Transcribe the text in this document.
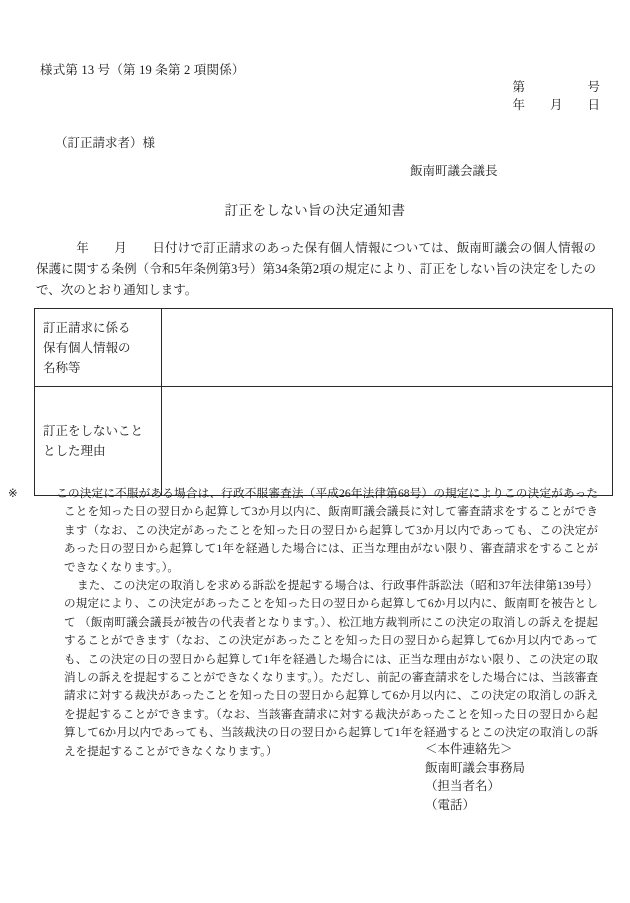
様式第 13 号（第 19 条第 2 項関係）
第　　　　　号
年　　月　　日
（訂正請求者）様
飯南町議会議長
訂正をしない旨の決定通知書
年　　月　　日付けで訂正請求のあった保有個人情報については、飯南町議会の個人情報の保護に関する条例（令和5年条例第3号）第34条第2項の規定により、訂正をしない旨の決定をしたので、次のとおり通知します。
訂正請求に係る
保有個人情報の
名称等	
訂正をしないこと
とした理由	
※	この決定に不服がある場合は、行政不服審査法（平成26年法律第68号）の規定によりこの決定があったことを知った日の翌日から起算して3か月以内に、飯南町議会議長に対して審査請求をすることができます（なお、この決定があったことを知った日の翌日から起算して3か月以内であっても、この決定があった日の翌日から起算して1年を経過した場合には、正当な理由がない限り、審査請求をすることができなくなります。）。
また、この決定の取消しを求める訴訟を提起する場合は、行政事件訴訟法（昭和37年法律第139号）の規定により、この決定があったことを知った日の翌日から起算して6か月以内に、飯南町を被告として （飯南町議会議長が被告の代表者となります。）、松江地方裁判所にこの決定の取消しの訴えを提起することができます（なお、この決定があったことを知った日の翌日から起算して6か月以内であっても、この決定の日の翌日から起算して1年を経過した場合には、正当な理由がない限り、この決定の取消しの訴えを提起することができなくなります。）。ただし、前記の審査請求をした場合には、当該審査請求に対する裁決があったことを知った日の翌日から起算して6か月以内に、この決定の取消しの訴えを提起することができます。（なお、当該審査請求に対する裁決があったことを知った日の翌日から起算して6か月以内であっても、当該裁決の日の翌日から起算して1年を経過するとこの決定の取消しの訴えを提起することができなくなります。）	＜本件連絡先＞
飯南町議会事務局
（担当者名）
（電話）
